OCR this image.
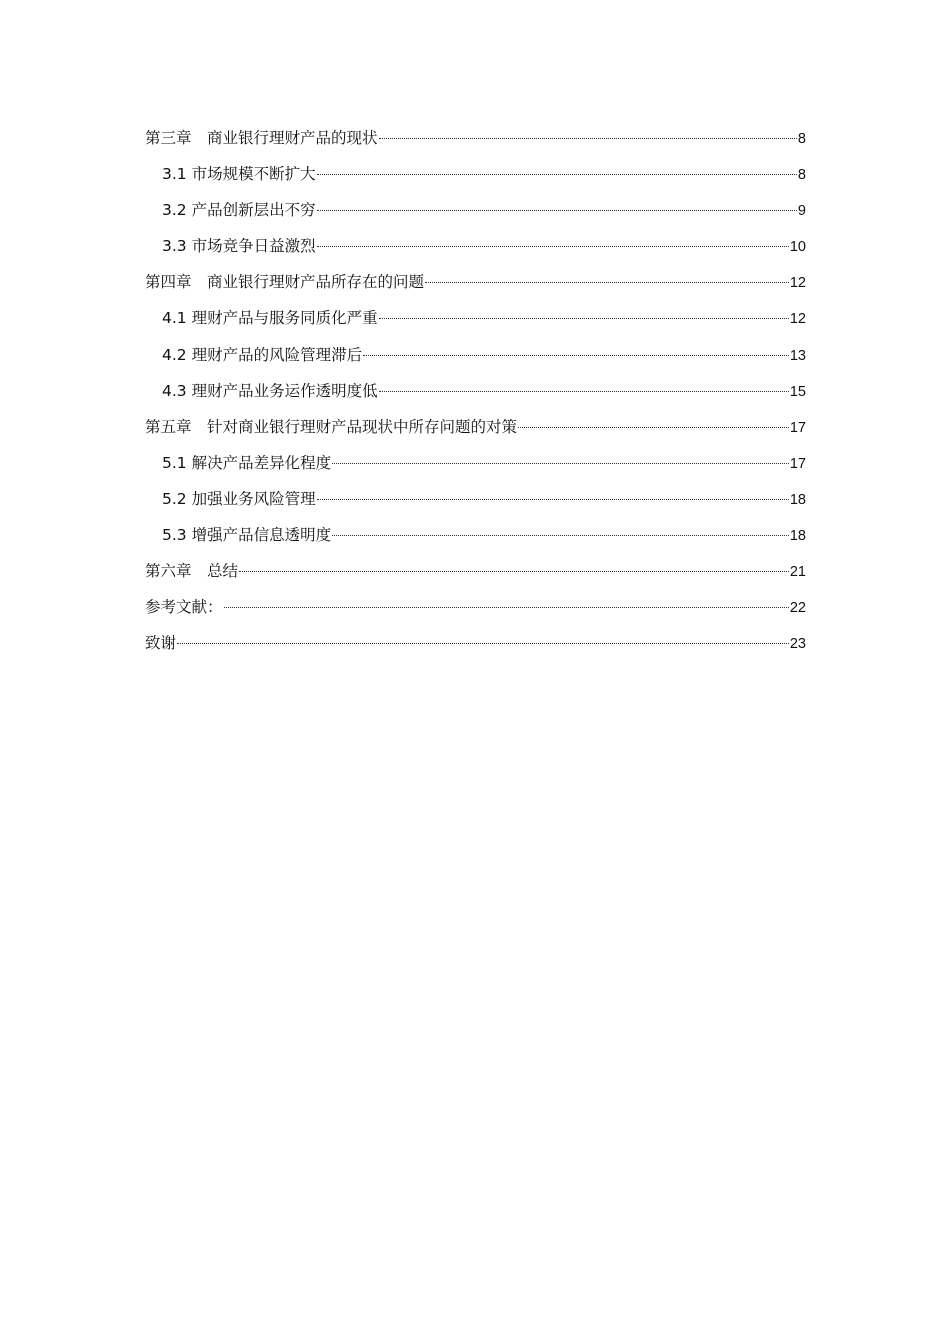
第三章　商业银行理财产品的现状	8
3.1 市场规模不断扩大	8
3.2 产品创新层出不穷	9
3.3 市场竞争日益激烈	10
第四章　商业银行理财产品所存在的问题	12
4.1 理财产品与服务同质化严重	12
4.2 理财产品的风险管理滞后	13
4.3 理财产品业务运作透明度低	15
第五章　针对商业银行理财产品现状中所存问题的对策	17
5.1 解决产品差异化程度	17
5.2 加强业务风险管理	18
5.3 增强产品信息透明度	18
第六章　总结	21
参考文献：	22
致谢	23
